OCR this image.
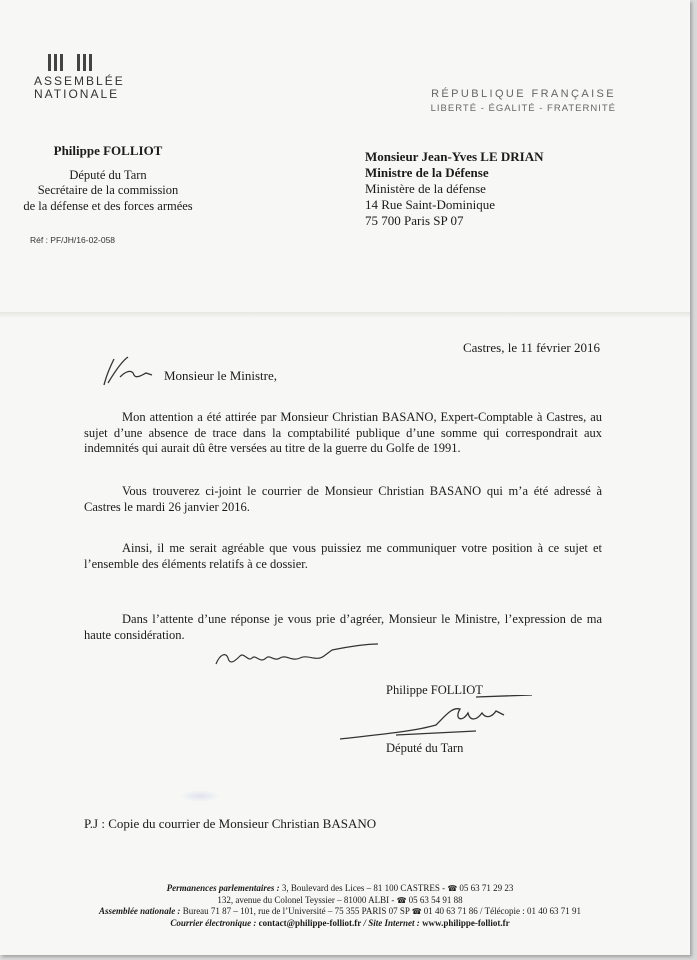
ASSEMBLÉE
NATIONALE	RÉPUBLIQUE FRANÇAISE
LIBERTÉ - ÉGALITÉ - FRATERNITÉ
Philippe FOLLIOT
Député du Tarn
Secrétaire de la commission
de la défense et des forces armées
Réf : PF/JH/16-02-058
Monsieur Jean-Yves LE DRIAN
Ministre de la Défense
Ministère de la défense
14 Rue Saint-Dominique
75 700 Paris SP 07
Castres, le 11 février 2016
Monsieur le Ministre,
Mon attention a été attirée par Monsieur Christian BASANO, Expert-Comptable à Castres, au sujet d’une absence de trace dans la comptabilité publique d’une somme qui correspondrait aux indemnités qui aurait dû être versées au titre de la guerre du Golfe de 1991.
Vous trouverez ci-joint le courrier de Monsieur Christian BASANO qui m’a été adressé à Castres le mardi 26 janvier 2016.
Ainsi, il me serait agréable que vous puissiez me communiquer votre position à ce sujet et l’ensemble des éléments relatifs à ce dossier.
Dans l’attente d’une réponse je vous prie d’agréer, Monsieur le Ministre, l’expression de ma haute considération.
Philippe FOLLIOT
Député du Tarn
P.J : Copie du courrier de Monsieur Christian BASANO
Permanences parlementaires : 3, Boulevard des Lices – 81 100 CASTRES - ☎ 05 63 71 29 23
132, avenue du Colonel Teyssier – 81000 ALBI - ☎ 05 63 54 91 88
Assemblée nationale : Bureau 71 87 – 101, rue de l’Université – 75 355 PARIS 07 SP ☎ 01 40 63 71 86 / Télécopie : 01 40 63 71 91
Courrier électronique : contact@philippe-folliot.fr / Site Internet : www.philippe-folliot.fr
